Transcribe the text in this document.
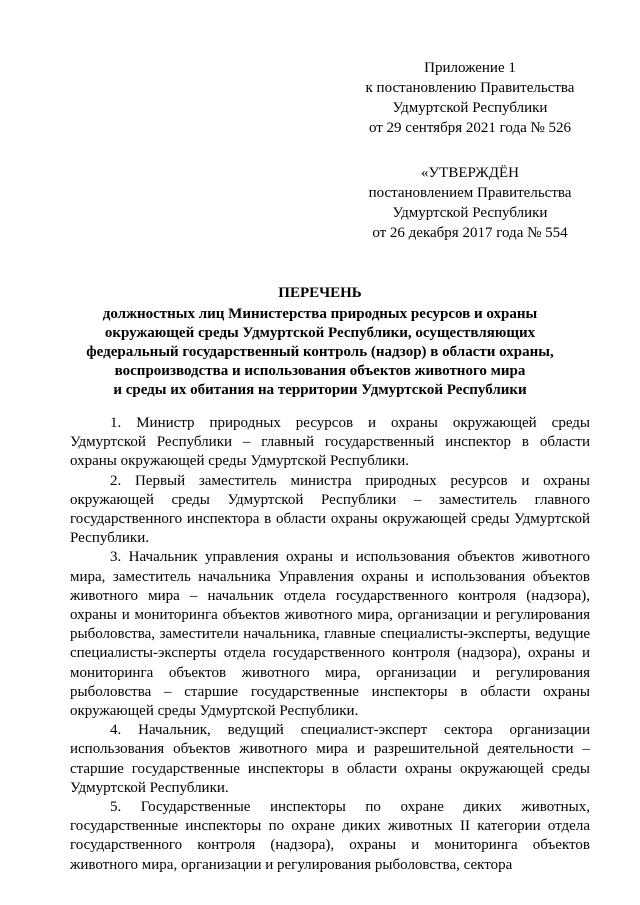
Приложение 1
к постановлению Правительства
Удмуртской Республики
от 29 сентября 2021 года № 526
«УТВЕРЖДЁН
постановлением Правительства
Удмуртской Республики
от 26 декабря 2017 года № 554
ПЕРЕЧЕНЬ
должностных лиц Министерства природных ресурсов и охраны
окружающей среды Удмуртской Республики, осуществляющих
федеральный государственный контроль (надзор) в области охраны,
воспроизводства и использования объектов животного мира
и среды их обитания на территории Удмуртской Республики

1. Министр природных ресурсов и охраны окружающей среды Удмуртской Республики – главный государственный инспектор в области охраны окружающей среды Удмуртской Республики.

2. Первый заместитель министра природных ресурсов и охраны окружающей среды Удмуртской Республики – заместитель главного государственного инспектора в области охраны окружающей среды Удмуртской Республики.

3. Начальник управления охраны и использования объектов животного мира, заместитель начальника Управления охраны и использования объектов животного мира – начальник отдела государственного контроля (надзора), охраны и мониторинга объектов животного мира, организации и регулирования рыболовства, заместители начальника, главные специалисты-эксперты, ведущие специалисты-эксперты отдела государственного контроля (надзора), охраны и мониторинга объектов животного мира, организации и регулирования рыболовства – старшие государственные инспекторы в области охраны окружающей среды Удмуртской Республики.

4. Начальник, ведущий специалист-эксперт сектора организации использования объектов животного мира и разрешительной деятельности – старшие государственные инспекторы в области охраны окружающей среды Удмуртской Республики.

5. Государственные инспекторы по охране диких животных, государственные инспекторы по охране диких животных II категории отдела государственного контроля (надзора), охраны и мониторинга объектов животного мира, организации и регулирования рыболовства, сектора
